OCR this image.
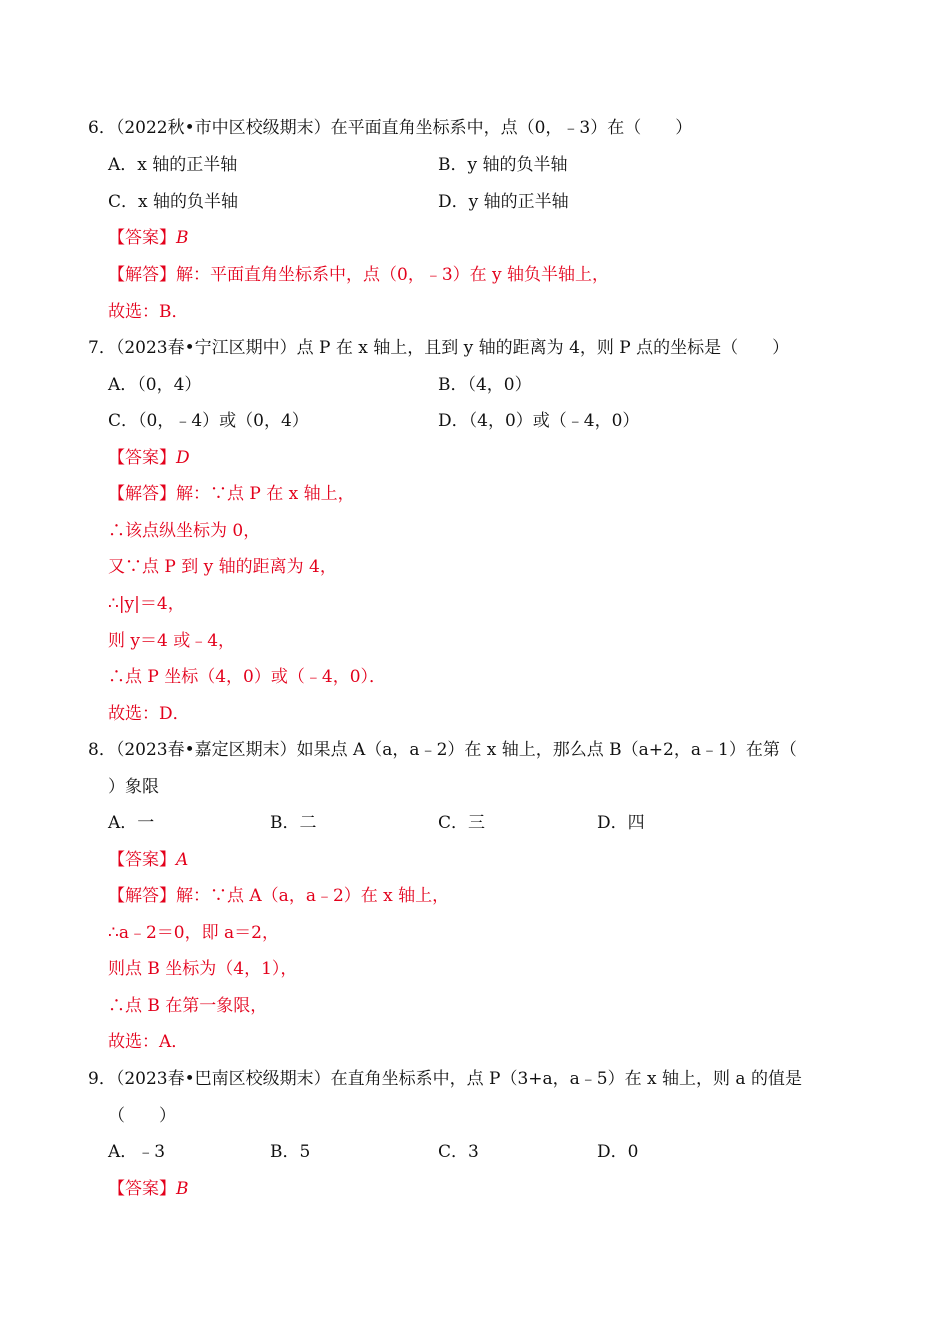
6．（2022秋•市中区校级期末）在平面直角坐标系中，点（0，﹣3）在（　　）
A．x 轴的正半轴	B．y 轴的负半轴
C．x 轴的负半轴	D．y 轴的正半轴
【答案】B
【解答】解：平面直角坐标系中，点（0，﹣3）在 y 轴负半轴上，
故选：B．
7．（2023春•宁江区期中）点 P 在 x 轴上，且到 y 轴的距离为 4，则 P 点的坐标是（　　）
A．（0，4）	B．（4，0）
C．（0，﹣4）或（0，4）	D．（4，0）或（﹣4，0）
【答案】D
【解答】解：∵点 P 在 x 轴上，
∴该点纵坐标为 0，
又∵点 P 到 y 轴的距离为 4，
∴|y|＝4，
则 y＝4 或﹣4，
∴点 P 坐标（4，0）或（﹣4，0）．
故选：D．
8．（2023春•嘉定区期末）如果点 A（a，a﹣2）在 x 轴上，那么点 B（a+2，a﹣1）在第（
）象限
A．一	B．二	C．三	D．四
【答案】A
【解答】解：∵点 A（a，a﹣2）在 x 轴上，
∴a﹣2＝0，即 a＝2，
则点 B 坐标为（4，1），
∴点 B 在第一象限，
故选：A．
9．（2023春•巴南区校级期末）在直角坐标系中，点 P（3+a，a﹣5）在 x 轴上，则 a 的值是
（　　）
A．﹣3	B．5	C．3	D．0
【答案】B
